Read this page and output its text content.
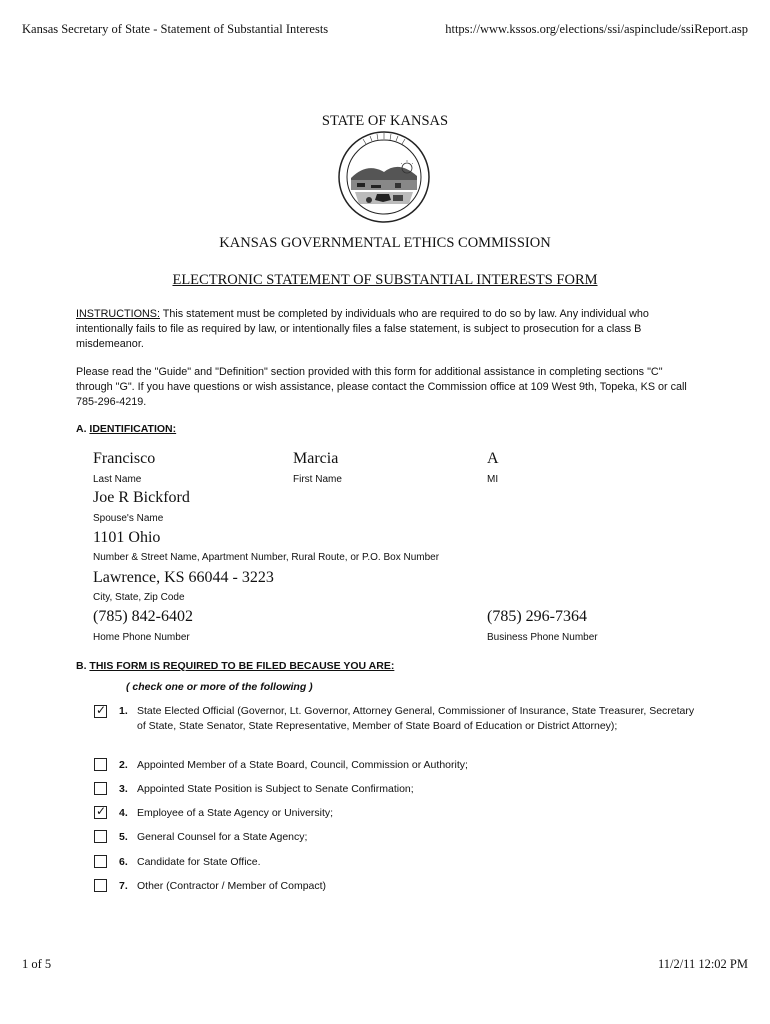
Kansas Secretary of State - Statement of Substantial Interests	https://www.kssos.org/elections/ssi/aspinclude/ssiReport.asp
STATE OF KANSAS
KANSAS GOVERNMENTAL ETHICS COMMISSION
ELECTRONIC STATEMENT OF SUBSTANTIAL INTERESTS FORM
INSTRUCTIONS: This statement must be completed by individuals who are required to do so by law. Any individual who intentionally fails to file as required by law, or intentionally files a false statement, is subject to prosecution for a class B misdemeanor.
Please read the "Guide" and "Definition" section provided with this form for additional assistance in completing sections "C" through "G". If you have questions or wish assistance, please contact the Commission office at 109 West 9th, Topeka, KS or call 785-296-4219.
A. IDENTIFICATION:
Francisco	Marcia	A
Last Name	First Name	MI
Joe R Bickford
Spouse's Name
1101 Ohio
Number & Street Name, Apartment Number, Rural Route, or P.O. Box Number
Lawrence, KS 66044 - 3223
City, State, Zip Code
(785) 842-6402	(785) 296-7364
Home Phone Number	Business Phone Number
B. THIS FORM IS REQUIRED TO BE FILED BECAUSE YOU ARE:
( check one or more of the following )
✓ 1. State Elected Official (Governor, Lt. Governor, Attorney General, Commissioner of Insurance, State Treasurer, Secretary of State, State Senator, State Representative, Member of State Board of Education or District Attorney);
2. Appointed Member of a State Board, Council, Commission or Authority;
3. Appointed State Position is Subject to Senate Confirmation;
✓ 4. Employee of a State Agency or University;
5. General Counsel for a State Agency;
6. Candidate for State Office.
7. Other (Contractor / Member of Compact)
1 of 5	11/2/11 12:02 PM
